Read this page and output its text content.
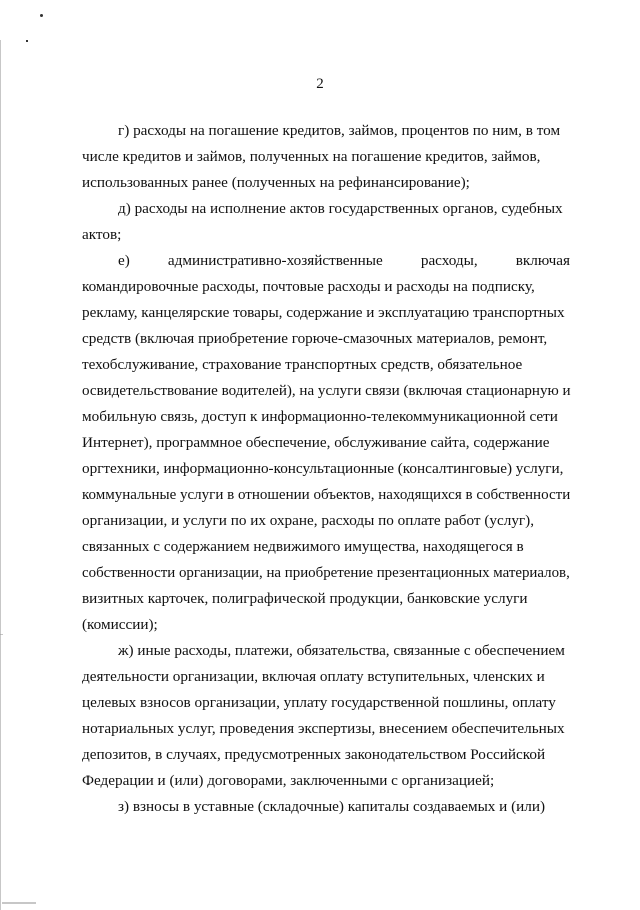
2
г) расходы на погашение кредитов, займов, процентов по ним, в том
числе кредитов и займов, полученных на погашение кредитов, займов,
использованных ранее (полученных на рефинансирование);
д) расходы на исполнение актов государственных органов, судебных
актов;
е)	административно-хозяйственные	расходы,	включая
командировочные расходы, почтовые расходы и расходы на подписку,
рекламу, канцелярские товары, содержание и эксплуатацию транспортных
средств (включая приобретение горюче-смазочных материалов, ремонт,
техобслуживание, страхование транспортных средств, обязательное
освидетельствование водителей), на услуги связи (включая стационарную и
мобильную связь, доступ к информационно-телекоммуникационной сети
Интернет), программное обеспечение, обслуживание сайта, содержание
оргтехники, информационно-консультационные (консалтинговые) услуги,
коммунальные услуги в отношении объектов, находящихся в собственности
организации, и услуги по их охране, расходы по оплате работ (услуг),
связанных с содержанием недвижимого имущества, находящегося в
собственности организации, на приобретение презентационных материалов,
визитных карточек, полиграфической продукции, банковские услуги
(комиссии);
ж) иные расходы, платежи, обязательства, связанные с обеспечением
деятельности организации, включая оплату вступительных, членских и
целевых взносов организации, уплату государственной пошлины, оплату
нотариальных услуг, проведения экспертизы, внесением обеспечительных
депозитов, в случаях, предусмотренных законодательством Российской
Федерации и (или) договорами, заключенными с организацией;
з) взносы в уставные (складочные) капиталы создаваемых и (или)
